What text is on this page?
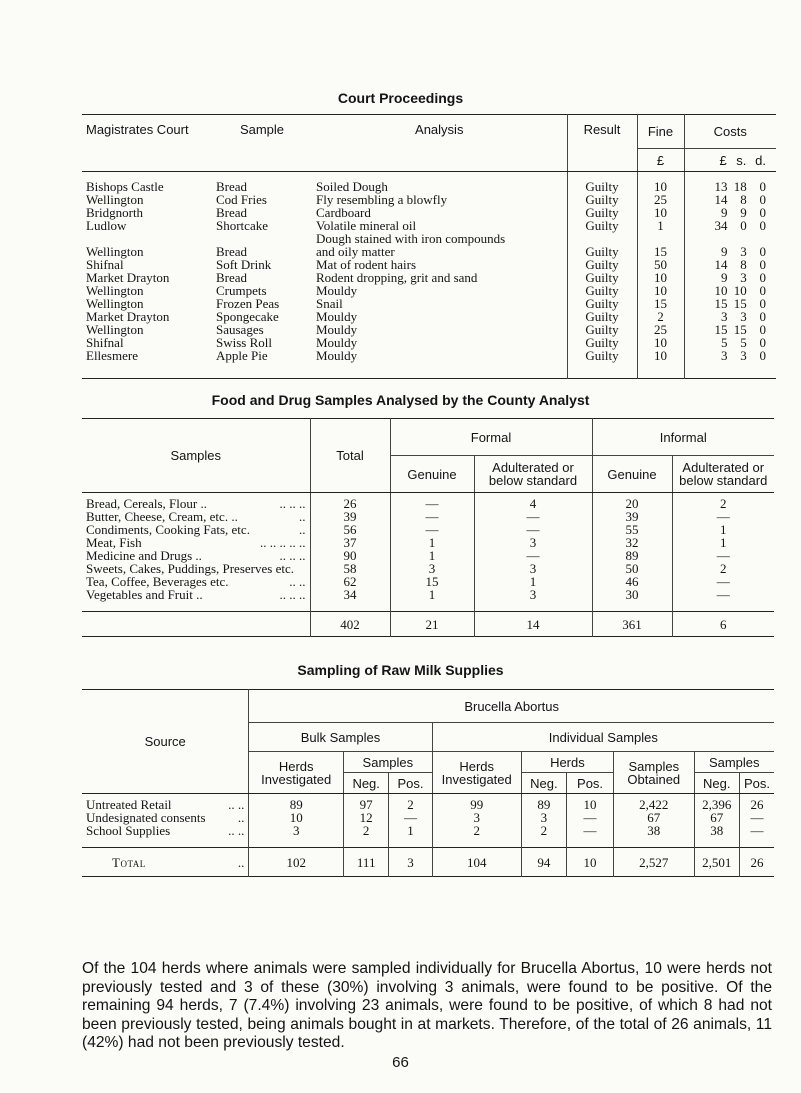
Court Proceedings
Magistrates Court	Sample	Analysis	Result	Fine	Costs
				£	£ s. d.
Bishops Castle	Bread	Soiled Dough	Guilty	10	13 18 0
Wellington	Cod Fries	Fly resembling a blowfly	Guilty	25	14 8 0
Bridgnorth	Bread	Cardboard	Guilty	10	9 9 0
Ludlow	Shortcake	Volatile mineral oil	Guilty	1	34 0 0
Wellington	Bread	Dough stained with iron compounds
and oily matter	Guilty	15	9 3 0
Shifnal	Soft Drink	Mat of rodent hairs	Guilty	50	14 8 0
Market Drayton	Bread	Rodent dropping, grit and sand	Guilty	10	9 3 0
Wellington	Crumpets	Mouldy	Guilty	10	10 10 0
Wellington	Frozen Peas	Snail	Guilty	15	15 15 0
Market Drayton	Spongecake	Mouldy	Guilty	2	3 3 0
Wellington	Sausages	Mouldy	Guilty	25	15 15 0
Shifnal	Swiss Roll	Mouldy	Guilty	10	5 5 0
Ellesmere	Apple Pie	Mouldy	Guilty	10	3 3 0
Food and Drug Samples Analysed by the County Analyst
Samples	Total	Formal		Informal	
		Genuine	Adulterated or below standard	Genuine	Adulterated or below standard
Bread, Cereals, Flour .. .. .. ..	26	—	4	20	2
Butter, Cheese, Cream, etc. .. ..	39	—	—	39	—
Condiments, Cooking Fats, etc. ..	56	—	—	55	1
Meat, Fish .. .. .. .. ..	37	1	3	32	1
Medicine and Drugs .. .. .. ..	90	1	—	89	—
Sweets, Cakes, Puddings, Preserves etc.	58	3	3	50	2
Tea, Coffee, Beverages etc. .. ..	62	15	1	46	—
Vegetables and Fruit .. .. .. ..	34	1	3	30	—
	402	21	14	361	6
Sampling of Raw Milk Supplies
Source	Brucella Abortus								
	Bulk Samples			Individual Samples					
	Herds Investigated	Samples		Herds Investigated	Herds		Samples Obtained	Samples	
		Neg.	Pos.		Neg.	Pos.		Neg.	Pos.
Untreated Retail .. ..	89	97	2	99	89	10	2,422	2,396	26
Undesignated consents ..	10	12	—	3	3	—	67	67	—
School Supplies .. ..	3	2	1	2	2	—	38	38	—
Total ..	102	111	3	104	94	10	2,527	2,501	26

Of the 104 herds where animals were sampled individually for Brucella Abortus, 10 were herds not previously tested and 3 of these (30%) involving 3 animals, were found to be positive. Of the remaining 94 herds, 7 (7.4%) involving 23 animals, were found to be positive, of which 8 had not been previously tested, being animals bought in at markets. Therefore, of the total of 26 animals, 11 (42%) had not been previously tested.

66
